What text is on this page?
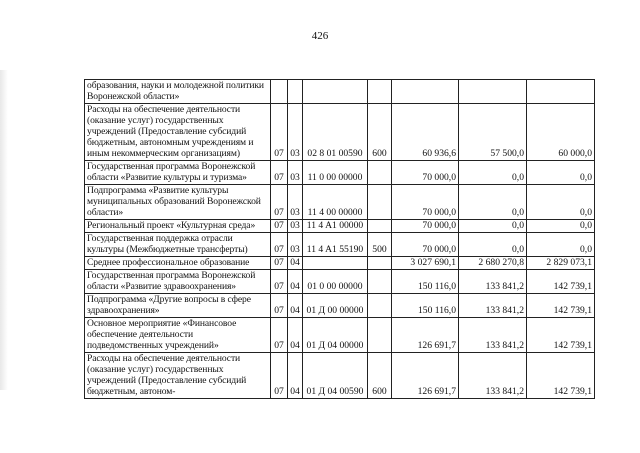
426
образования, науки и молодежной политики Воронежской области»							
Расходы на обеспечение деятельности (оказание услуг) государственных учреждений (Предоставление субсидий бюджетным, автономным учреждениям и иным некоммерческим организациям)	07	03	02 8 01 00590	600	60 936,6	57 500,0	60 000,0
Государственная программа Воронежской области «Развитие культуры и туризма»	07	03	11 0 00 00000		70 000,0	0,0	0,0
Подпрограмма «Развитие культуры муниципальных образований Воронежской области»	07	03	11 4 00 00000		70 000,0	0,0	0,0
Региональный проект «Культурная среда»	07	03	11 4 A1 00000		70 000,0	0,0	0,0
Государственная поддержка отрасли культуры (Межбюджетные трансферты)	07	03	11 4 A1 55190	500	70 000,0	0,0	0,0
Среднее профессиональное образование	07	04			3 027 690,1	2 680 270,8	2 829 073,1
Государственная программа Воронежской области «Развитие здравоохранения»	07	04	01 0 00 00000		150 116,0	133 841,2	142 739,1
Подпрограмма «Другие вопросы в сфере здравоохранения»	07	04	01 Д 00 00000		150 116,0	133 841,2	142 739,1
Основное мероприятие «Финансовое обеспечение деятельности подведомственных учреждений»	07	04	01 Д 04 00000		126 691,7	133 841,2	142 739,1
Расходы на обеспечение деятельности (оказание услуг) государственных учреждений (Предоставление субсидий бюджетным, автоном-	07	04	01 Д 04 00590	600	126 691,7	133 841,2	142 739,1
